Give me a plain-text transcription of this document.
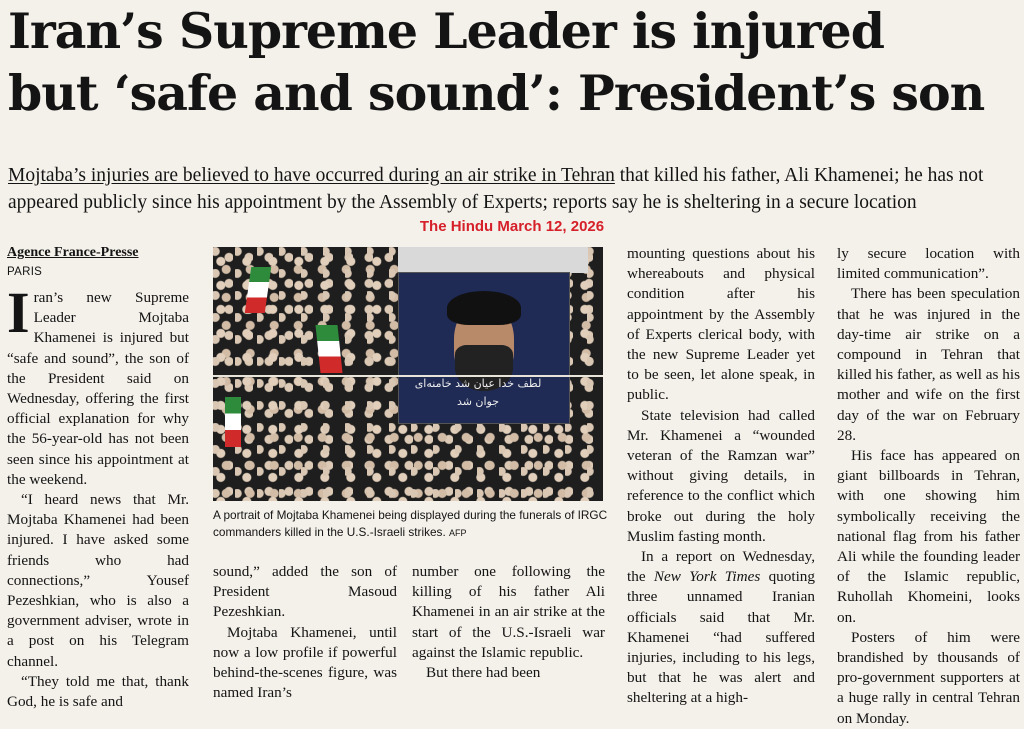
Iran’s Supreme Leader is injured
but ‘safe and sound’: President’s son

Mojtaba’s injuries are believed to have occurred during an air strike in Tehran that killed his father, Ali Khamenei; he has not appeared publicly since his appointment by the Assembly of Experts; reports say he is sheltering in a secure location

The Hindu March 12, 2026
Agence France-Presse
PARIS

Iran’s new Supreme Leader Mojtaba Khamenei is injured but “safe and sound”, the son of the President said on Wednesday, offering the first official explanation for why the 56-year-old has not been seen since his appointment at the weekend.

“I heard news that Mr. Mojtaba Khamenei had been injured. I have asked some friends who had connections,” Yousef Pezeshkian, who is also a government adviser, wrote in a post on his Telegram channel.

“They told me that, thank God, he is safe and

لطف خدا عیان شد خامنه‌ای جوان شد
A portrait of Mojtaba Khamenei being displayed during the funerals of IRGC commanders killed in the U.S.-Israeli strikes. AFP

sound,” added the son of President Masoud Pezeshkian.

Mojtaba Khamenei, until now a low profile if powerful behind-the-scenes figure, was named Iran’s

number one following the killing of his father Ali Khamenei in an air strike at the start of the U.S.-Israeli war against the Islamic republic.

But there had been

mounting questions about his whereabouts and physical condition after his appointment by the Assembly of Experts clerical body, with the new Supreme Leader yet to be seen, let alone speak, in public.

State television had called Mr. Khamenei a “wounded veteran of the Ramzan war” without giving details, in reference to the conflict which broke out during the holy Muslim fasting month.

In a report on Wednesday, the New York Times quoting three unnamed Iranian officials said that Mr. Khamenei “had suffered injuries, including to his legs, but that he was alert and sheltering at a high-

ly secure location with limited communication”.

There has been speculation that he was injured in the day-time air strike on a compound in Tehran that killed his father, as well as his mother and wife on the first day of the war on February 28.

His face has appeared on giant billboards in Tehran, with one showing him symbolically receiving the national flag from his father Ali while the founding leader of the Islamic republic, Ruhollah Khomeini, looks on.

Posters of him were brandished by thousands of pro-government supporters at a huge rally in central Tehran on Monday.
